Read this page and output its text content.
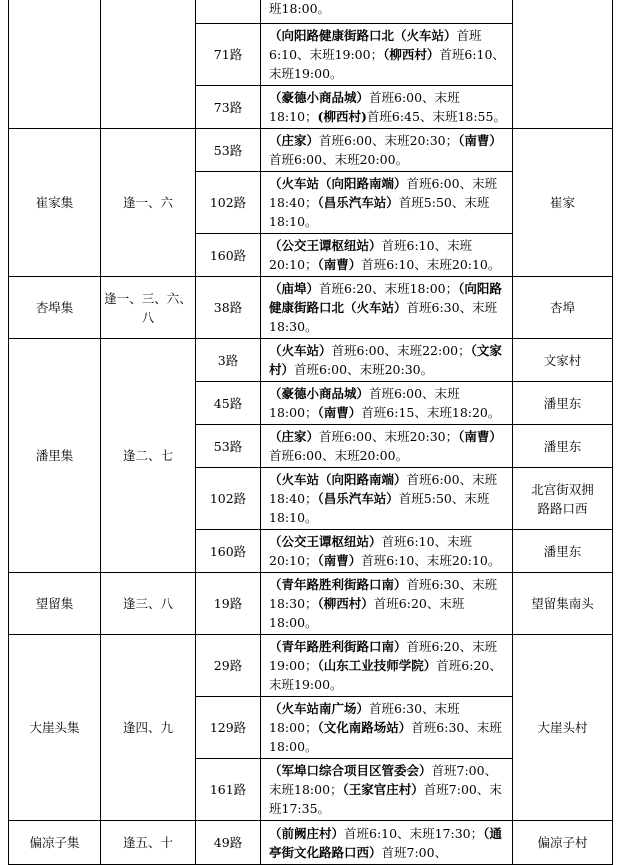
			班18:00。	
		71路	（向阳路健康街路口北（火车站）首班6:10、末班19:00；（柳西村）首班6:10、末班19:00。	
		73路	（豪德小商品城）首班6:00、末班18:10；(柳西村)首班6:45、末班18:55。	
崔家集	逢一、六	53路	（庄家）首班6:00、末班20:30；（南曹）首班6:00、末班20:00。	崔家
		102路	（火车站（向阳路南端）首班6:00、末班18:40；（昌乐汽车站）首班5:50、末班18:10。	
		160路	（公交王谭枢纽站）首班6:10、末班20:10；（南曹）首班6:10、末班20:10。	
杏埠集	逢一、三、六、八	38路	（庙埠）首班6:20、末班18:00；（向阳路健康街路口北（火车站）首班6:30、末班18:30。	杏埠
潘里集	逢二、七	3路	（火车站）首班6:00、末班22:00；（文家村）首班6:00、末班20:30。	文家村
		45路	（豪德小商品城）首班6:00、末班18:00；（南曹）首班6:15、末班18:20。	潘里东
		53路	（庄家）首班6:00、末班20:30；（南曹）首班6:00、末班20:00。	潘里东
		102路	（火车站（向阳路南端）首班6:00、末班18:40；（昌乐汽车站）首班5:50、末班18:10。	北宫街双拥路路口西
		160路	（公交王谭枢纽站）首班6:10、末班20:10；（南曹）首班6:10、末班20:10。	潘里东
望留集	逢三、八	19路	（青年路胜利街路口南）首班6:30、末班18:30；（柳西村）首班6:20、末班18:00。	望留集南头
大崖头集	逢四、九	29路	（青年路胜利街路口南）首班6:20、末班19:00；（山东工业技师学院）首班6:20、末班19:00。	大崖头村
		129路	（火车站南广场）首班6:30、末班18:00；（文化南路场站）首班6:30、末班18:00。	
		161路	（军埠口综合项目区管委会）首班7:00、末班18:00；（王家官庄村）首班7:00、末班17:35。	
偏凉子集	逢五、十	49路	（前阙庄村）首班6:10、末班17:30；（通亭街文化路路口西）首班7:00、	偏凉子村
